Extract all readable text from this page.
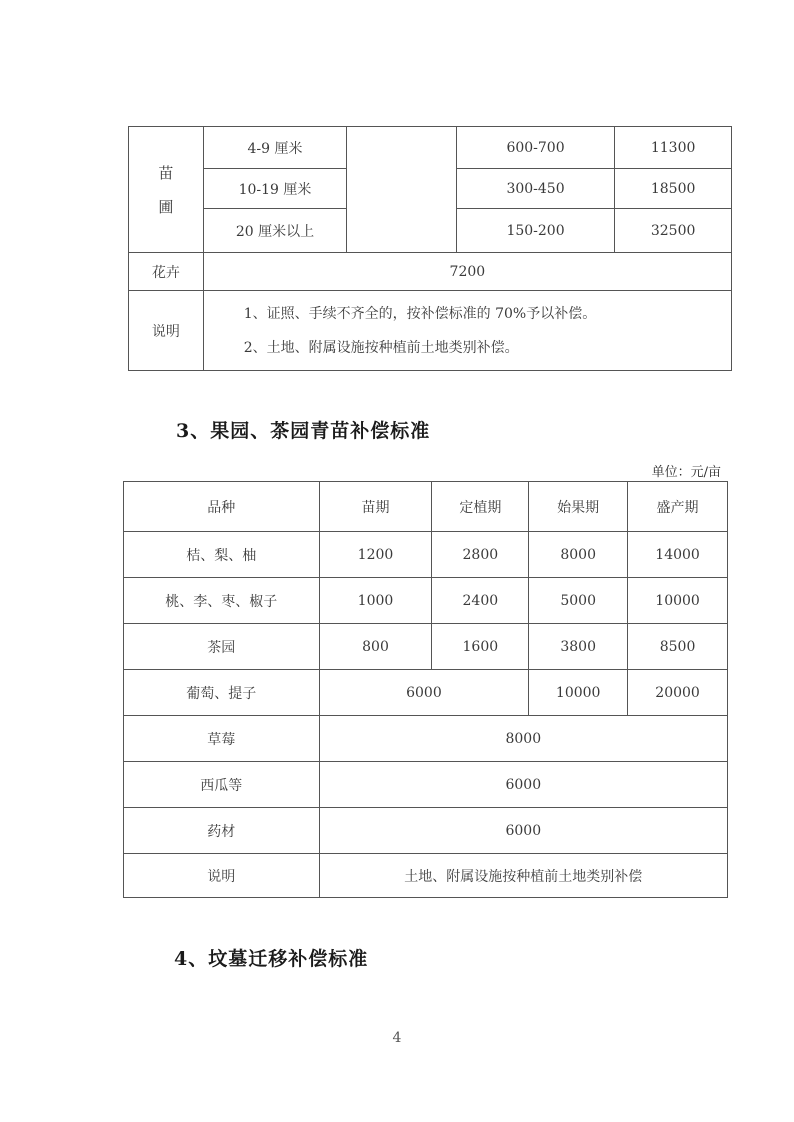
苗
圃	4-9 厘米		600-700	11300
	10-19 厘米		300-450	18500
	20 厘米以上		150-200	32500
花卉	7200			
说明	1、证照、手续不齐全的，按补偿标准的 70%予以补偿。
2、土地、附属设施按种植前土地类别补偿。			
3、果园、茶园青苗补偿标准
单位：元/亩
品种	苗期	定植期	始果期	盛产期
桔、梨、柚	1200	2800	8000	14000
桃、李、枣、椒子	1000	2400	5000	10000
茶园	800	1600	3800	8500
葡萄、提子	6000		10000	20000
草莓	8000			
西瓜等	6000			
药材	6000			
说明	土地、附属设施按种植前土地类别补偿			
4、坟墓迁移补偿标准
4
